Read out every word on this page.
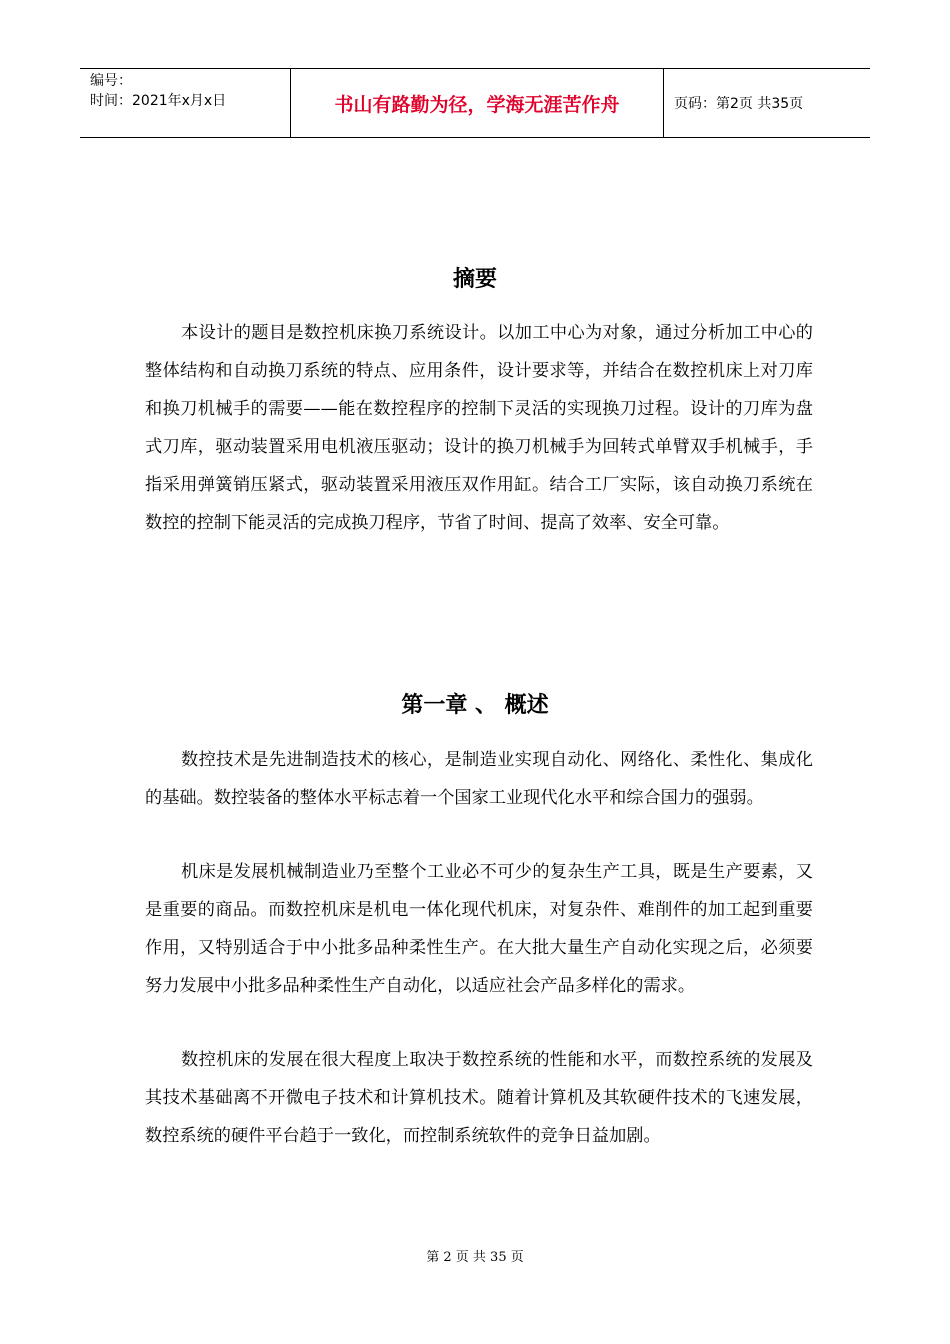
编号：
时间：2021年x月x日	书山有路勤为径，学海无涯苦作舟	页码：第2页 共35页
摘要
本设计的题目是数控机床换刀系统设计。以加工中心为对象，通过分析加工中心的整体结构和自动换刀系统的特点、应用条件，设计要求等，并结合在数控机床上对刀库和换刀机械手的需要——能在数控程序的控制下灵活的实现换刀过程。设计的刀库为盘式刀库，驱动装置采用电机液压驱动；设计的换刀机械手为回转式单臂双手机械手，手指采用弹簧销压紧式，驱动装置采用液压双作用缸。结合工厂实际，该自动换刀系统在数控的控制下能灵活的完成换刀程序，节省了时间、提高了效率、安全可靠。
第一章 、 概述
数控技术是先进制造技术的核心，是制造业实现自动化、网络化、柔性化、集成化的基础。数控装备的整体水平标志着一个国家工业现代化水平和综合国力的强弱。
机床是发展机械制造业乃至整个工业必不可少的复杂生产工具，既是生产要素，又是重要的商品。而数控机床是机电一体化现代机床，对复杂件、难削件的加工起到重要作用，又特别适合于中小批多品种柔性生产。在大批大量生产自动化实现之后，必须要努力发展中小批多品种柔性生产自动化，以适应社会产品多样化的需求。
数控机床的发展在很大程度上取决于数控系统的性能和水平，而数控系统的发展及其技术基础离不开微电子技术和计算机技术。随着计算机及其软硬件技术的飞速发展，数控系统的硬件平台趋于一致化，而控制系统软件的竞争日益加剧。
第 2 页 共 35 页
